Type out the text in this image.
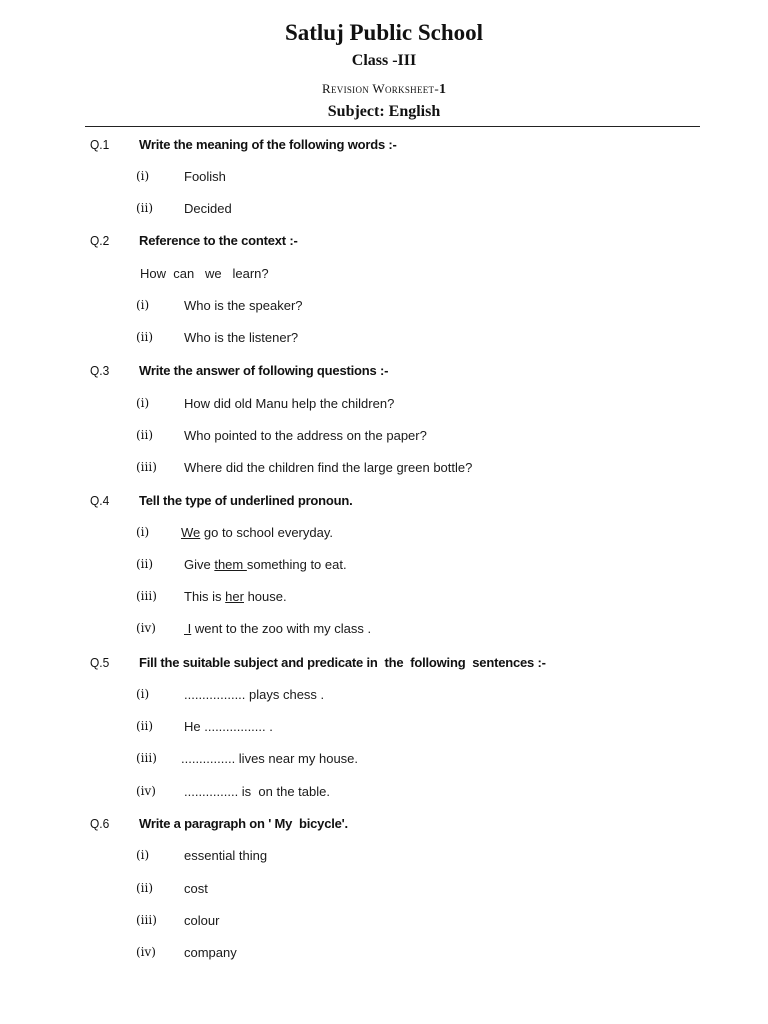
Satluj Public School
Class -III
Revision Worksheet-1
Subject: English
Q.1 Write the meaning of the following words :-
(i)	Foolish
(ii) Decided
Q.2 Reference to the context :-
How  can   we   learn?
(i)	Who is the speaker?
(ii) Who is the listener?
Q.3 Write the answer of following questions :-
(i)	How did old Manu help the children?
(ii) Who pointed to the address on the paper?
(iii) Where did the children find the large green bottle?
Q.4 Tell the type of underlined pronoun.
(i) We go to school everyday.
(ii) Give them something to eat.
(iii) This is her house.
(iv) I went to the zoo with my class .
Q.5 Fill the suitable subject and predicate in  the  following  sentences :-
(i)	................. plays chess .
(ii) He ................. .
(iii) ............... lives near my house.
(iv) ............... is  on the table.
Q.6 Write a paragraph on ' My  bicycle'.
(i)	essential thing
(ii) cost
(iii) colour
(iv) company
